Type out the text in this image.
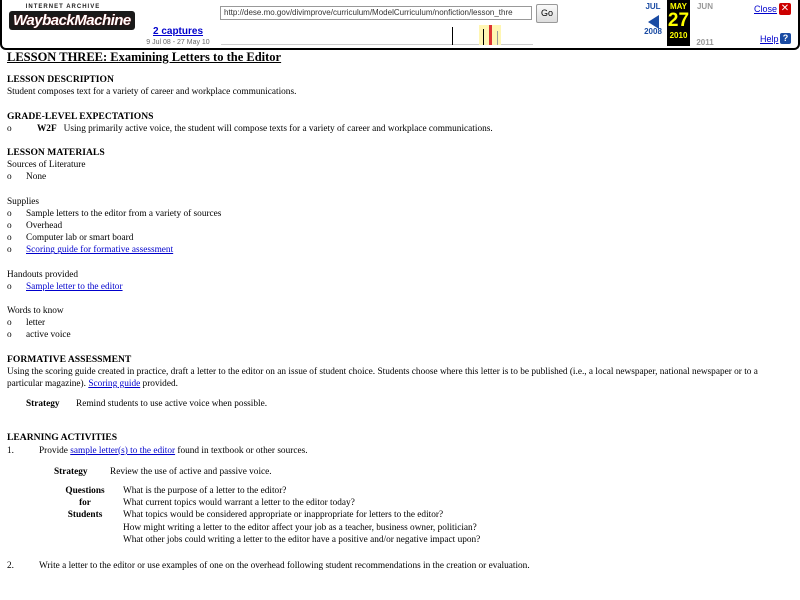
INTERNET ARCHIVE
WaybackMachine	http://dese.mo.gov/divimprove/curriculum/ModelCurriculum/nonfiction/lesson_thre	Go
2 captures
9 Jul 08 - 27 May 10
JUL
2008
MAY
27
2010
JUN
2011
Close ✕
Help ?
LESSON THREE: Examining Letters to the Editor
LESSON DESCRIPTION
Student composes text for a variety of career and workplace communications.
GRADE-LEVEL EXPECTATIONS
o W2F Using primarily active voice, the student will compose texts for a variety of career and workplace communications.
LESSON MATERIALS
Sources of Literature
o None
Supplies
o Sample letters to the editor from a variety of sources
o Overhead
o Computer lab or smart board
o Scoring guide for formative assessment
Handouts provided
o Sample letter to the editor
Words to know
o letter
o active voice
FORMATIVE ASSESSMENT
Using the scoring guide created in practice, draft a letter to the editor on an issue of student choice. Students choose where this letter is to be published (i.e., a local newspaper, national newspaper or to a particular magazine). Scoring guide provided.
Strategy Remind students to use active voice when possible.
LEARNING ACTIVITIES
1.	Provide sample letter(s) to the editor found in textbook or other sources.
Strategy Review the use of active and passive voice.
Questions
for
Students

What is the purpose of a letter to the editor?
What current topics would warrant a letter to the editor today?
What topics would be considered appropriate or inappropriate for letters to the editor?
How might writing a letter to the editor affect your job as a teacher, business owner, politician?
What other jobs could writing a letter to the editor have a positive and/or negative impact upon?
2.	Write a letter to the editor or use examples of one on the overhead following student recommendations in the creation or evaluation.
